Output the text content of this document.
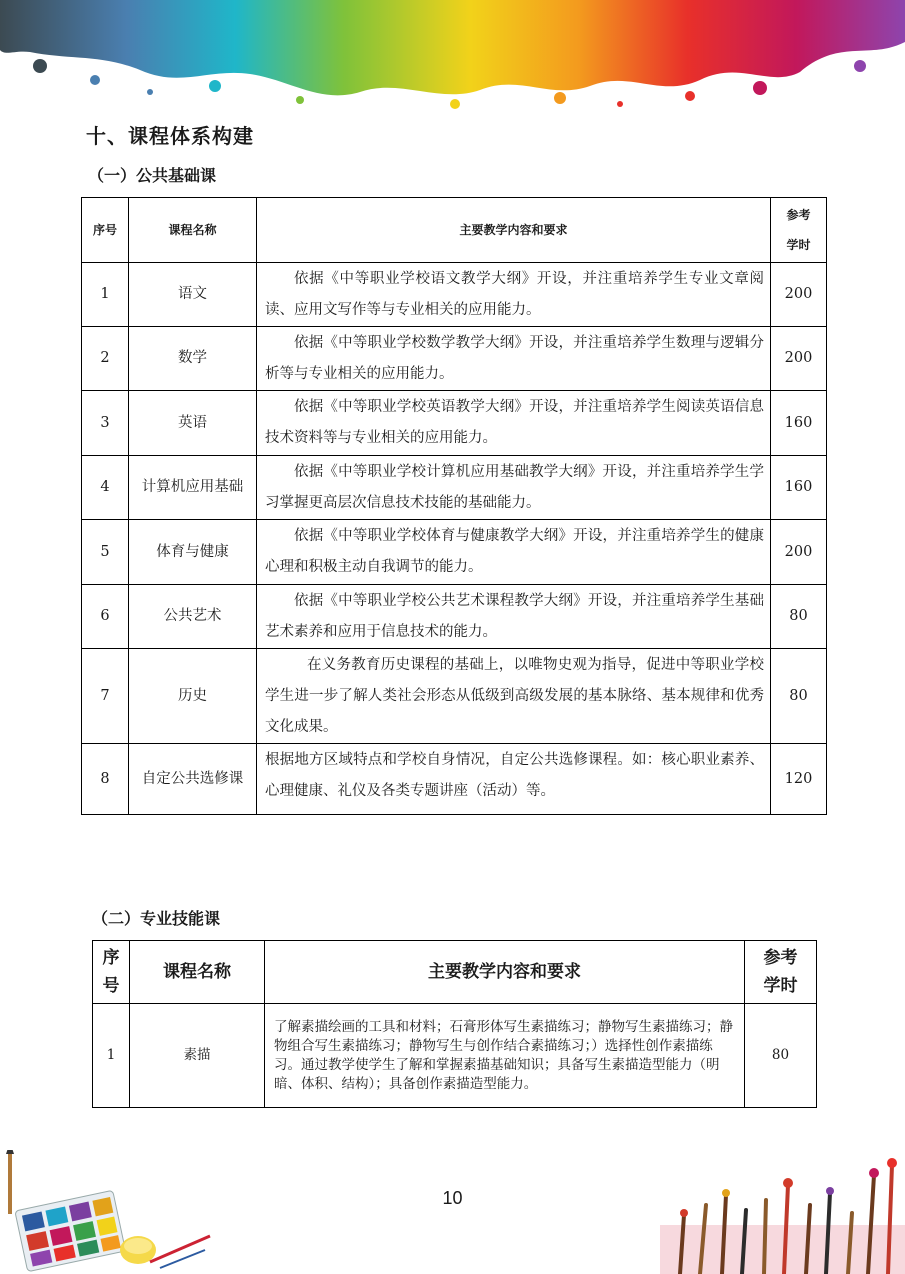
十、课程体系构建
（一）公共基础课
序号	课程名称	主要教学内容和要求	参考
学时
1	语文	依据《中等职业学校语文教学大纲》开设，并注重培养学生专业文章阅读、应用文写作等与专业相关的应用能力。	200
2	数学	依据《中等职业学校数学教学大纲》开设，并注重培养学生数理与逻辑分析等与专业相关的应用能力。	200
3	英语	依据《中等职业学校英语教学大纲》开设，并注重培养学生阅读英语信息技术资料等与专业相关的应用能力。	160
4	计算机应用基础	依据《中等职业学校计算机应用基础教学大纲》开设，并注重培养学生学习掌握更高层次信息技术技能的基础能力。	160
5	体育与健康	依据《中等职业学校体育与健康教学大纲》开设，并注重培养学生的健康心理和积极主动自我调节的能力。	200
6	公共艺术	依据《中等职业学校公共艺术课程教学大纲》开设，并注重培养学生基础艺术素养和应用于信息技术的能力。	80
7	历史	在义务教育历史课程的基础上，以唯物史观为指导，促进中等职业学校学生进一步了解人类社会形态从低级到高级发展的基本脉络、基本规律和优秀文化成果。	80
8	自定公共选修课	根据地方区域特点和学校自身情况，自定公共选修课程。如：核心职业素养、心理健康、礼仪及各类专题讲座（活动）等。	120
（二）专业技能课
序
号	课程名称	主要教学内容和要求	参考
学时
1	素描	了解素描绘画的工具和材料；石膏形体写生素描练习；静物写生素描练习；静物组合写生素描练习；静物写生与创作结合素描练习；）选择性创作素描练习。通过教学使学生了解和掌握素描基础知识；具备写生素描造型能力（明暗、体积、结构）；具备创作素描造型能力。	80
10
